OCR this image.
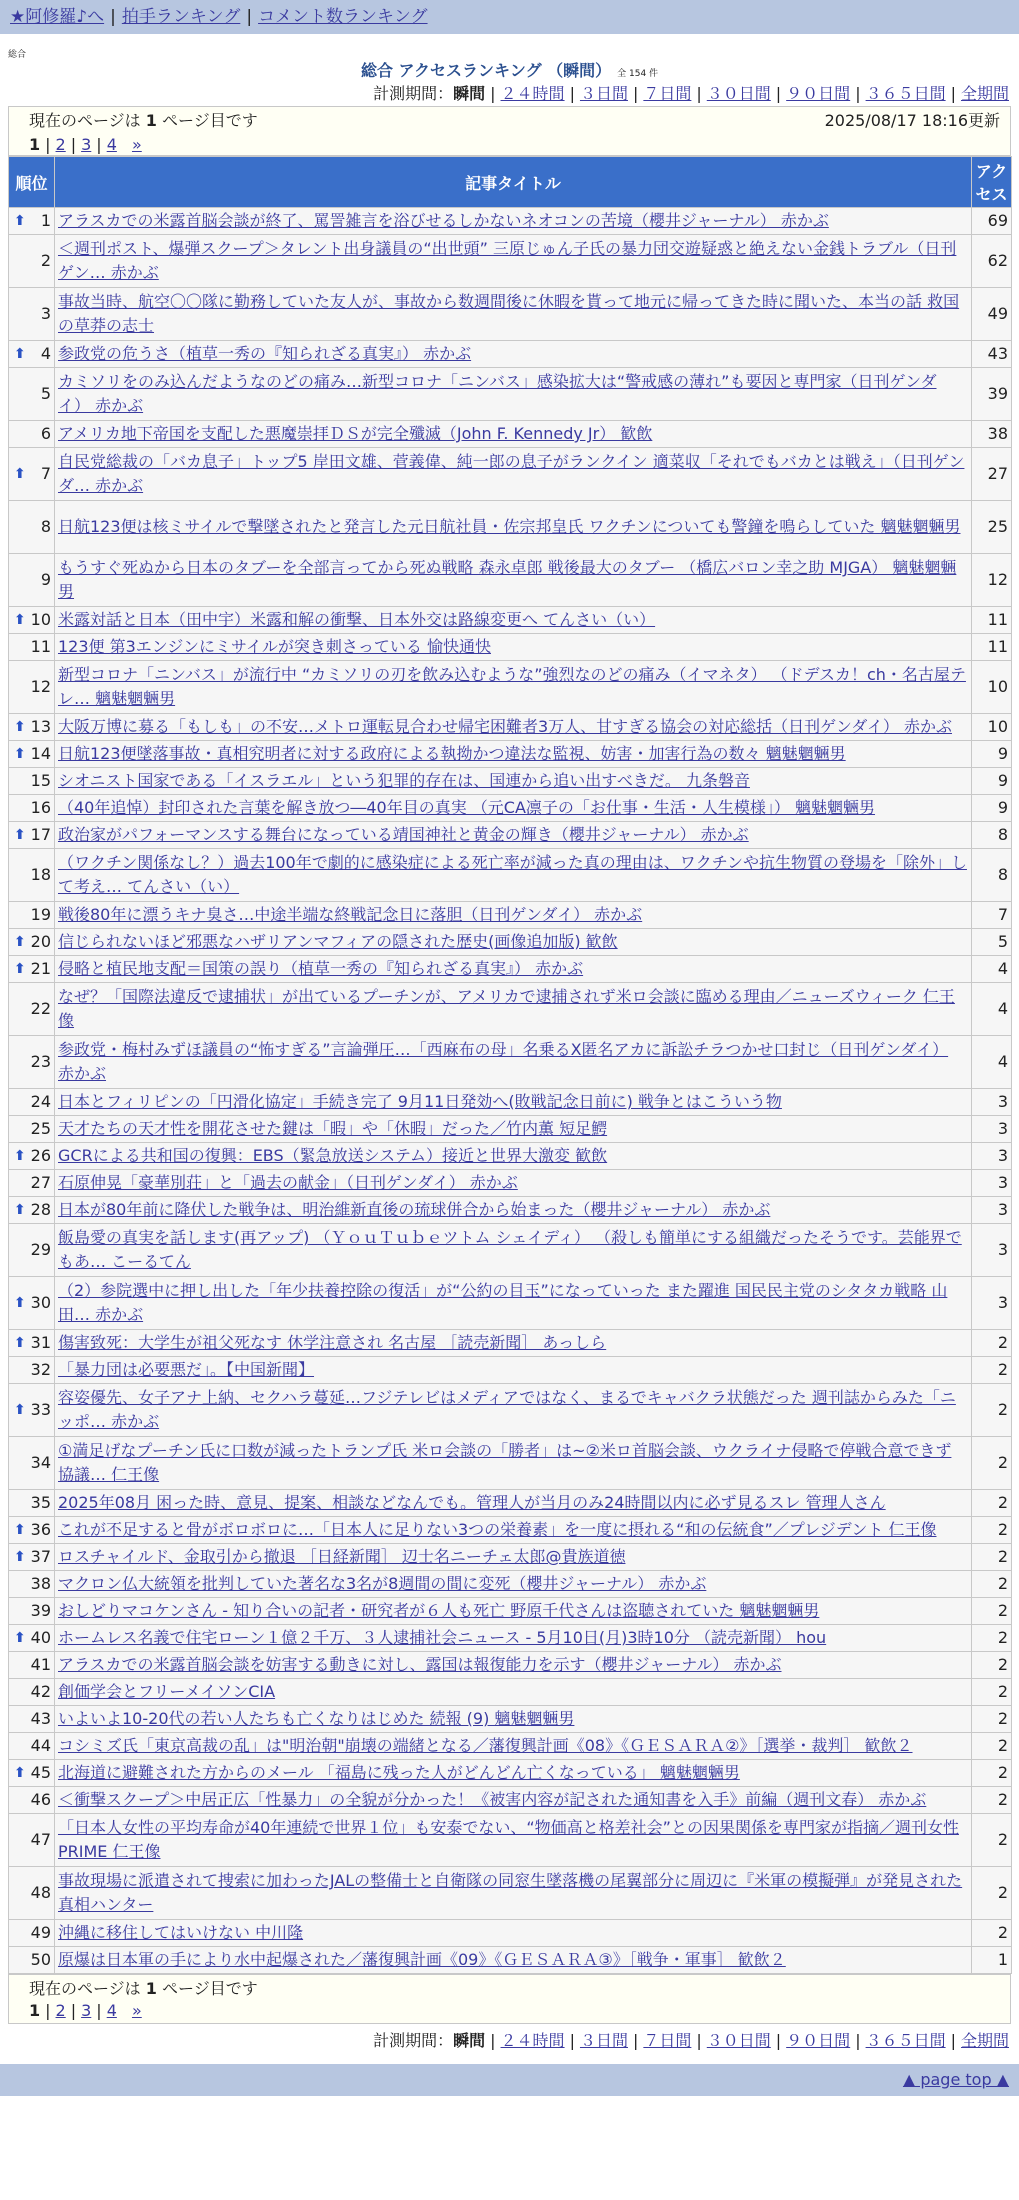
★阿修羅♪へ | 拍手ランキング | コメント数ランキング
総合
総合 アクセスランキング （瞬間） 全 154 件
計測期間：瞬間 | ２４時間 | ３日間 | ７日間 | ３０日間 | ９０日間 | ３６５日間 | 全期間
現在のページは 1 ページ目です	2025/08/17 18:16更新
1 | 2 | 3 | 4 »
順位	記事タイトル	アクセス

⬆ 1	アラスカでの米露首脳会談が終了、罵詈雑言を浴びせるしかないネオコンの苦境（櫻井ジャーナル） 赤かぶ	69
2	＜週刊ポスト、爆弾スクープ＞タレント出身議員の“出世頭” 三原じゅん子氏の暴力団交遊疑惑と絶えない金銭トラブル（日刊ゲン… 赤かぶ	62
3	事故当時、航空〇〇隊に勤務していた友人が、事故から数週間後に休暇を貰って地元に帰ってきた時に聞いた、本当の話 救国の草莽の志士	49

⬆ 4	参政党の危うさ（植草一秀の『知られざる真実』） 赤かぶ	43
5	カミソリをのみ込んだようなのどの痛み…新型コロナ「ニンバス」感染拡大は“警戒感の薄れ”も要因と専門家（日刊ゲンダイ） 赤かぶ	39
6	アメリカ地下帝国を支配した悪魔崇拝ＤＳが完全殲滅（John F. Kennedy Jr） 歓飲	38

⬆ 7	自民党総裁の「バカ息子」トップ5 岸田文雄、菅義偉、純一郎の息子がランクイン 適菜収「それでもバカとは戦え」（日刊ゲンダ… 赤かぶ	27
8	日航123便は核ミサイルで撃墜されたと発言した元日航社員・佐宗邦皇氏 ワクチンについても警鐘を鳴らしていた 魑魅魍魎男	25
9	もうすぐ死ぬから日本のタブーを全部言ってから死ぬ戦略 森永卓郎 戦後最大のタブー （橋広バロン幸之助 MJGA） 魑魅魍魎男	12

⬆ 10	米露対話と日本（田中宇）米露和解の衝撃、日本外交は路線変更へ てんさい（い）	11
11	123便 第3エンジンにミサイルが突き刺さっている 愉快通快	11
12	新型コロナ「ニンバス」が流行中 “カミソリの刃を飲み込むような”強烈なのどの痛み（イマネタ） （ドデスカ！ch・名古屋テレ… 魑魅魍魎男	10

⬆ 13	大阪万博に募る「もしも」の不安…メトロ運転見合わせ帰宅困難者3万人、甘すぎる協会の対応総括（日刊ゲンダイ） 赤かぶ	10

⬆ 14	日航123便墜落事故・真相究明者に対する政府による執拗かつ違法な監視、妨害・加害行為の数々 魑魅魍魎男	9
15	シオニスト国家である「イスラエル」という犯罪的存在は、国連から追い出すべきだ。 九条磐音	9
16	（40年追悼）封印された言葉を解き放つ―40年目の真実 （元CA凛子の「お仕事・生活・人生模様」） 魑魅魍魎男	9

⬆ 17	政治家がパフォーマンスする舞台になっている靖国神社と黄金の輝き（櫻井ジャーナル） 赤かぶ	8
18	（ワクチン関係なし？）過去100年で劇的に感染症による死亡率が減った真の理由は、ワクチンや抗生物質の登場を「除外」して考え… てんさい（い）	8
19	戦後80年に漂うキナ臭さ…中途半端な終戦記念日に落胆（日刊ゲンダイ） 赤かぶ	7

⬆ 20	信じられないほど邪悪なハザリアンマフィアの隠された歴史(画像追加版) 歓飲	5

⬆ 21	侵略と植民地支配＝国策の誤り（植草一秀の『知られざる真実』） 赤かぶ	4
22	なぜ？「国際法違反で逮捕状」が出ているプーチンが、アメリカで逮捕されず米ロ会談に臨める理由／ニューズウィーク 仁王像	4
23	参政党・梅村みずほ議員の“怖すぎる”言論弾圧…「西麻布の母」名乗るX匿名アカに訴訟チラつかせ口封じ（日刊ゲンダイ） 赤かぶ	4
24	日本とフィリピンの「円滑化協定」手続き完了 9月11日発効へ(敗戦記念日前に) 戦争とはこういう物	3
25	天才たちの天才性を開花させた鍵は「暇」や「休暇」だった／竹内薫 短足鰐	3

⬆ 26	GCRによる共和国の復興：EBS（緊急放送システム）接近と世界大激変 歓飲	3
27	石原伸晃「豪華別荘」と「過去の献金」（日刊ゲンダイ） 赤かぶ	3

⬆ 28	日本が80年前に降伏した戦争は、明治維新直後の琉球併合から始まった（櫻井ジャーナル） 赤かぶ	3
29	飯島愛の真実を話します(再アップ) （ＹｏｕＴｕｂｅツトム シェイディ） （殺しも簡単にする組織だったそうです。芸能界でもあ… こーるてん	3

⬆ 30	（2）参院選中に押し出した「年少扶養控除の復活」が“公約の目玉”になっていった また躍進 国民民主党のシタタカ戦略 山田… 赤かぶ	3

⬆ 31	傷害致死：大学生が祖父死なす 休学注意され 名古屋 ［読売新聞］ あっしら	2
32	「暴力団は必要悪だ」。【中国新聞】	2

⬆ 33	容姿優先、女子アナ上納、セクハラ蔓延…フジテレビはメディアではなく、まるでキャバクラ状態だった 週刊誌からみた「ニッポ… 赤かぶ	2
34	①満足げなプーチン氏に口数が減ったトランプ氏 米ロ会談の「勝者」は~②米ロ首脳会談、ウクライナ侵略で停戦合意できず 協議… 仁王像	2
35	2025年08月 困った時、意見、提案、相談などなんでも。管理人が当月のみ24時間以内に必ず見るスレ 管理人さん	2

⬆ 36	これが不足すると骨がボロボロに…「日本人に足りない3つの栄養素」を一度に摂れる“和の伝統食”／プレジデント 仁王像	2

⬆ 37	ロスチャイルド、金取引から撤退 ［日経新聞］ 辺士名ニーチェ太郎@貴族道徳	2
38	マクロン仏大統領を批判していた著名な3名が8週間の間に変死（櫻井ジャーナル） 赤かぶ	2
39	おしどりマコケンさん - 知り合いの記者・研究者が６人も死亡 野原千代さんは盗聴されていた 魑魅魍魎男	2

⬆ 40	ホームレス名義で住宅ローン１億２千万、３人逮捕社会ニュース - 5月10日(月)3時10分 （読売新聞） hou	2
41	アラスカでの米露首脳会談を妨害する動きに対し、露国は報復能力を示す（櫻井ジャーナル） 赤かぶ	2
42	創価学会とフリーメイソンCIA	2
43	いよいよ10-20代の若い人たちも亡くなりはじめた 続報 (9) 魑魅魍魎男	2
44	コシミズ氏「東京高裁の乱」は"明治朝"崩壊の端緒となる／藩復興計画《08》《ＧＥＳＡＲＡ②》［選挙・裁判］ 歓飲２	2

⬆ 45	北海道に避難された方からのメール 「福島に残った人がどんどん亡くなっている」 魑魅魍魎男	2
46	＜衝撃スクープ＞中居正広「性暴力」の全貌が分かった！《被害内容が記された通知書を入手》前編（週刊文春） 赤かぶ	2
47	「日本人女性の平均寿命が40年連続で世界１位」も安泰でない、“物価高と格差社会”との因果関係を専門家が指摘／週刊女性PRIME 仁王像	2
48	事故現場に派遣されて捜索に加わったJALの整備士と自衛隊の同窓生墜落機の尾翼部分に周辺に『米軍の模擬弾』が発見された 真相ハンター	2
49	沖縄に移住してはいけない 中川隆	2
50	原爆は日本軍の手により水中起爆された／藩復興計画《09》《ＧＥＳＡＲＡ③》［戦争・軍事］ 歓飲２	1
現在のページは 1 ページ目です
1 | 2 | 3 | 4 »
計測期間：瞬間 | ２４時間 | ３日間 | ７日間 | ３０日間 | ９０日間 | ３６５日間 | 全期間
▲ page top ▲
